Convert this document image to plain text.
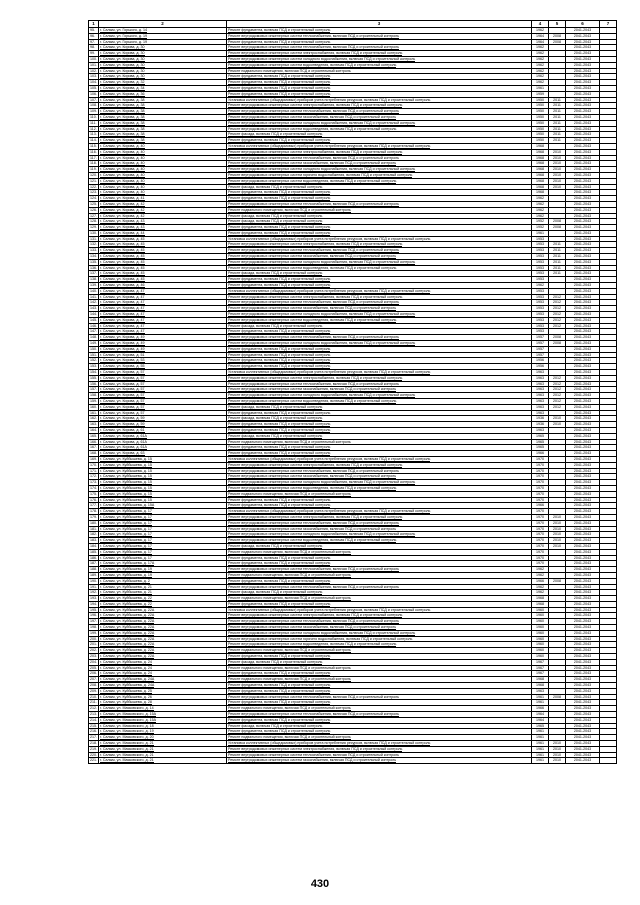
1	2	3	4	5	6	7
95.	г. Салым, ул. Горького, д. 14	Ремонт фундамента, включая ПСД и строительный контроль	1962		2041-2043	
96.	г. Салым, ул. Горького, д. 19	Ремонт внутридомовых инженерных систем теплоснабжения, включая ПСД и строительный контроль	1964	2008	2041-2043	
97.	г. Салым, ул. Горького, д. 19	Ремонт фундамента, включая ПСД и строительный контроль	1964	2008	2041-2043	
98.	г. Салым, ул. Кирова, д. 30	Ремонт внутридомовых инженерных систем теплоснабжения, включая ПСД и строительный контроль	1962		2041-2043	
99.	г. Салым, ул. Кирова, д. 30	Ремонт внутридомовых инженерных систем электроснабжения, включая ПСД и строительный контроль	1962		2041-2043	
100.	г. Салым, ул. Кирова, д. 30	Ремонт внутридомовых инженерных систем холодного водоснабжения, включая ПСД и строительный контроль	1962		2041-2043	
101.	г. Салым, ул. Кирова, д. 30	Ремонт внутридомовых инженерных систем водоотведения, включая ПСД и строительный контроль	1962		2041-2043	
102.	г. Салым, ул. Кирова, д. 30	Ремонт подвального помещения, включая ПСД и строительный контроль	1962		2041-2043	
103.	г. Салым, ул. Кирова, д. 30	Ремонт фундамента, включая ПСД и строительный контроль	1962		2041-2043	
104.	г. Салым, ул. Кирова, д. 32	Ремонт фундамента, включая ПСД и строительный контроль	1962		2041-2043	
105.	г. Салым, ул. Кирова, д. 34	Ремонт фундамента, включая ПСД и строительный контроль	1961		2041-2043	
106.	г. Салым, ул. Кирова, д. 36	Ремонт фундамента, включая ПСД и строительный контроль	1959		2041-2043	
107.	г. Салым, ул. Кирова, д. 38	Установка коллективных (общедомовых) приборов учета потребления ресурсов, включая ПСД и строительный контроль	1950	2011	2041-2043	
108.	г. Салым, ул. Кирова, д. 38	Ремонт внутридомовых инженерных систем электроснабжения, включая ПСД и строительный контроль	1950	2011	2041-2043	
109.	г. Салым, ул. Кирова, д. 38	Ремонт внутридомовых инженерных систем теплоснабжения, включая ПСД и строительный контроль	1950	2011	2041-2043	
110.	г. Салым, ул. Кирова, д. 38	Ремонт внутридомовых инженерных систем газоснабжения, включая ПСД и строительный контроль	1950	2011	2041-2043	
111.	г. Салым, ул. Кирова, д. 38	Ремонт внутридомовых инженерных систем холодного водоснабжения, включая ПСД и строительный контроль	1950	2011	2041-2043	
112.	г. Салым, ул. Кирова, д. 38	Ремонт внутридомовых инженерных систем водоотведения, включая ПСД и строительный контроль	1950	2011	2041-2043	
113.	г. Салым, ул. Кирова, д. 38	Ремонт фасада, включая ПСД и строительный контроль	1950	2011	2041-2043	
114.	г. Салым, ул. Кирова, д. 38	Ремонт фундамента, включая ПСД и строительный контроль	1950	2011	2041-2043	
115.	г. Салым, ул. Кирова, д. 40	Установка коллективных (общедомовых) приборов учета потребления ресурсов, включая ПСД и строительный контроль	1968		2041-2043	
116.	г. Салым, ул. Кирова, д. 40	Ремонт внутридомовых инженерных систем электроснабжения, включая ПСД и строительный контроль	1968	2010	2041-2043	
117.	г. Салым, ул. Кирова, д. 40	Ремонт внутридомовых инженерных систем теплоснабжения, включая ПСД и строительный контроль	1968	2010	2041-2043	
118.	г. Салым, ул. Кирова, д. 40	Ремонт внутридомовых инженерных систем газоснабжения, включая ПСД и строительный контроль	1968	2010	2041-2043	
119.	г. Салым, ул. Кирова, д. 40	Ремонт внутридомовых инженерных систем холодного водоснабжения, включая ПСД и строительный контроль	1968	2010	2041-2043	
120.	г. Салым, ул. Кирова, д. 40	Ремонт внутридомовых инженерных систем горячего водоснабжения, включая ПСД и строительный контроль	1968	2010	2041-2043	
121.	г. Салым, ул. Кирова, д. 40	Ремонт внутридомовых инженерных систем водоотведения, включая ПСД и строительный контроль	1968	2010	2041-2043	
122.	г. Салым, ул. Кирова, д. 40	Ремонт фасада, включая ПСД и строительный контроль	1968	2010	2041-2043	
123.	г. Салым, ул. Кирова, д. 40	Ремонт фундамента, включая ПСД и строительный контроль	1968		2041-2043	
124.	г. Салым, ул. Кирова, д. 41	Ремонт фундамента, включая ПСД и строительный контроль	1962		2041-2043	
125.	г. Салым, ул. Кирова, д. 42	Ремонт внутридомовых инженерных систем теплоснабжения, включая ПСД и строительный контроль	1962		2041-2043	
126.	г. Салым, ул. Кирова, д. 42	Ремонт подвального помещения, включая ПСД и строительный контроль	1962		2041-2043	
127.	г. Салым, ул. Кирова, д. 42	Ремонт фасада, включая ПСД и строительный контроль	1962		2041-2043	
128.	г. Салым, ул. Кирова, д. 43	Ремонт фасада, включая ПСД и строительный контроль	1952	2008	2041-2043	
129.	г. Салым, ул. Кирова, д. 43	Ремонт фундамента, включая ПСД и строительный контроль	1952	2008	2041-2043	
130.	г. Салым, ул. Кирова, д. 44	Ремонт фундамента, включая ПСД и строительный контроль	1961		2041-2043	
131.	г. Салым, ул. Кирова, д. 45	Установка коллективных (общедомовых) приборов учета потребления ресурсов, включая ПСД и строительный контроль	1953		2041-2043	
132.	г. Салым, ул. Кирова, д. 45	Ремонт внутридомовых инженерных систем электроснабжения, включая ПСД и строительный контроль	1953	2011	2041-2043	
133.	г. Салым, ул. Кирова, д. 45	Ремонт внутридомовых инженерных систем теплоснабжения, включая ПСД и строительный контроль	1953	2011	2041-2043	
134.	г. Салым, ул. Кирова, д. 45	Ремонт внутридомовых инженерных систем газоснабжения, включая ПСД и строительный контроль	1953	2011	2041-2043	
135.	г. Салым, ул. Кирова, д. 45	Ремонт внутридомовых инженерных систем холодного водоснабжения, включая ПСД и строительный контроль	1953	2011	2041-2043	
136.	г. Салым, ул. Кирова, д. 45	Ремонт внутридомовых инженерных систем водоотведения, включая ПСД и строительный контроль	1953	2011	2041-2043	
137.	г. Салым, ул. Кирова, д. 45	Ремонт фасада, включая ПСД и строительный контроль	1953	2011	2041-2043	
138.	г. Салым, ул. Кирова, д. 45	Ремонт фундамента, включая ПСД и строительный контроль	1953		2041-2043	
139.	г. Салым, ул. Кирова, д. 46	Ремонт фундамента, включая ПСД и строительный контроль	1962		2041-2043	
140.	г. Салым, ул. Кирова, д. 47	Установка коллективных (общедомовых) приборов учета потребления ресурсов, включая ПСД и строительный контроль	1953		2041-2043	
141.	г. Салым, ул. Кирова, д. 47	Ремонт внутридомовых инженерных систем электроснабжения, включая ПСД и строительный контроль	1953	2012	2041-2043	
142.	г. Салым, ул. Кирова, д. 47	Ремонт внутридомовых инженерных систем теплоснабжения, включая ПСД и строительный контроль	1953	2012	2041-2043	
143.	г. Салым, ул. Кирова, д. 47	Ремонт внутридомовых инженерных систем газоснабжения, включая ПСД и строительный контроль	1953	2012	2041-2043	
144.	г. Салым, ул. Кирова, д. 47	Ремонт внутридомовых инженерных систем холодного водоснабжения, включая ПСД и строительный контроль	1953	2012	2041-2043	
145.	г. Салым, ул. Кирова, д. 47	Ремонт внутридомовых инженерных систем водоотведения, включая ПСД и строительный контроль	1953	2012	2041-2043	
146.	г. Салым, ул. Кирова, д. 47	Ремонт фасада, включая ПСД и строительный контроль	1953	2012	2041-2043	
147.	г. Салым, ул. Кирова, д. 47	Ремонт фундамента, включая ПСД и строительный контроль	1953		2041-2043	
148.	г. Салым, ул. Кирова, д. 49	Ремонт внутридомовых инженерных систем теплоснабжения, включая ПСД и строительный контроль	1957	2008	2041-2043	
149.	г. Салым, ул. Кирова, д. 49	Ремонт внутридомовых инженерных систем холодного водоснабжения, включая ПСД и строительный контроль	1957	2008	2041-2043	
150.	г. Салым, ул. Кирова, д. 49	Ремонт фундамента, включая ПСД и строительный контроль	1957		2041-2043	
151.	г. Салым, ул. Кирова, д. 51	Ремонт фундамента, включая ПСД и строительный контроль	1957		2041-2043	
152.	г. Салым, ул. Кирова, д. 53	Ремонт фундамента, включая ПСД и строительный контроль	1956		2041-2043	
153.	г. Салым, ул. Кирова, д. 55	Ремонт фундамента, включая ПСД и строительный контроль	1956		2041-2043	
154.	г. Салым, ул. Кирова, д. 57	Установка коллективных (общедомовых) приборов учета потребления ресурсов, включая ПСД и строительный контроль	1963		2041-2043	
155.	г. Салым, ул. Кирова, д. 57	Ремонт внутридомовых инженерных систем электроснабжения, включая ПСД и строительный контроль	1963	2012	2041-2043	
156.	г. Салым, ул. Кирова, д. 57	Ремонт внутридомовых инженерных систем теплоснабжения, включая ПСД и строительный контроль	1963	2012	2041-2043	
157.	г. Салым, ул. Кирова, д. 57	Ремонт внутридомовых инженерных систем газоснабжения, включая ПСД и строительный контроль	1963	2012	2041-2043	
158.	г. Салым, ул. Кирова, д. 57	Ремонт внутридомовых инженерных систем холодного водоснабжения, включая ПСД и строительный контроль	1963	2012	2041-2043	
159.	г. Салым, ул. Кирова, д. 57	Ремонт внутридомовых инженерных систем водоотведения, включая ПСД и строительный контроль	1963	2012	2041-2043	
160.	г. Салым, ул. Кирова, д. 57	Ремонт фасада, включая ПСД и строительный контроль	1963	2012	2041-2043	
161.	г. Салым, ул. Кирова, д. 57	Ремонт фундамента, включая ПСД и строительный контроль	1963		2041-2043	
162.	г. Салым, ул. Кирова, д. 59	Ремонт фасада, включая ПСД и строительный контроль	1936	2010	2041-2043	
163.	г. Салым, ул. Кирова, д. 59	Ремонт фундамента, включая ПСД и строительный контроль	1936	2010	2041-2043	
164.	г. Салым, ул. Кирова, д. 61	Ремонт фундамента, включая ПСД и строительный контроль	1963		2041-2043	
165.	г. Салым, ул. Кирова, д. 61А	Ремонт фасада, включая ПСД и строительный контроль	1965		2041-2043	
166.	г. Салым, ул. Кирова, д. 61А	Ремонт подвального помещения, включая ПСД и строительный контроль	1965		2041-2043	
167.	г. Салым, ул. Кирова, д. 61А	Ремонт фундамента, включая ПСД и строительный контроль	1965		2041-2043	
168.	г. Салым, ул. Кирова, д. 63	Ремонт фундамента, включая ПСД и строительный контроль	1966		2041-2043	
169.	г. Салым, ул. Куйбышева, д. 15	Установка коллективных (общедомовых) приборов учета потребления ресурсов, включая ПСД и строительный контроль	1970		2041-2043	
170.	г. Салым, ул. Куйбышева, д. 15	Ремонт внутридомовых инженерных систем электроснабжения, включая ПСД и строительный контроль	1970		2041-2043	
171.	г. Салым, ул. Куйбышева, д. 15	Ремонт внутридомовых инженерных систем теплоснабжения, включая ПСД и строительный контроль	1970		2041-2043	
172.	г. Салым, ул. Куйбышева, д. 15	Ремонт внутридомовых инженерных систем газоснабжения, включая ПСД и строительный контроль	1970		2041-2043	
173.	г. Салым, ул. Куйбышева, д. 15	Ремонт внутридомовых инженерных систем холодного водоснабжения, включая ПСД и строительный контроль	1970		2041-2043	
174.	г. Салым, ул. Куйбышева, д. 15	Ремонт внутридомовых инженерных систем водоотведения, включая ПСД и строительный контроль	1970		2041-2043	
175.	г. Салым, ул. Куйбышева, д. 15	Ремонт подвального помещения, включая ПСД и строительный контроль	1970		2041-2043	
176.	г. Салым, ул. Куйбышева, д. 15	Ремонт фундамента, включая ПСД и строительный контроль	1970		2041-2043	
177.	г. Салым, ул. Куйбышева, д. 15А	Ремонт фундамента, включая ПСД и строительный контроль	1966		2041-2043	
178.	г. Салым, ул. Куйбышева, д. 17	Установка коллективных (общедомовых) приборов учета потребления ресурсов, включая ПСД и строительный контроль	1970		2041-2043	
179.	г. Салым, ул. Куйбышева, д. 17	Ремонт внутридомовых инженерных систем электроснабжения, включая ПСД и строительный контроль	1970	2010	2041-2043	
180.	г. Салым, ул. Куйбышева, д. 17	Ремонт внутридомовых инженерных систем теплоснабжения, включая ПСД и строительный контроль	1970	2010	2041-2043	
181.	г. Салым, ул. Куйбышева, д. 17	Ремонт внутридомовых инженерных систем газоснабжения, включая ПСД и строительный контроль	1970	2010	2041-2043	
182.	г. Салым, ул. Куйбышева, д. 17	Ремонт внутридомовых инженерных систем холодного водоснабжения, включая ПСД и строительный контроль	1970	2010	2041-2043	
183.	г. Салым, ул. Куйбышева, д. 17	Ремонт внутридомовых инженерных систем водоотведения, включая ПСД и строительный контроль	1970	2010	2041-2043	
184.	г. Салым, ул. Куйбышева, д. 17	Ремонт фасада, включая ПСД и строительный контроль	1970	2010	2041-2043	
185.	г. Салым, ул. Куйбышева, д. 17	Ремонт подвального помещения, включая ПСД и строительный контроль	1970		2041-2043	
186.	г. Салым, ул. Куйбышева, д. 17	Ремонт фундамента, включая ПСД и строительный контроль	1970		2041-2043	
187.	г. Салым, ул. Куйбышева, д. 17А	Ремонт фундамента, включая ПСД и строительный контроль	1970		2041-2043	
188.	г. Салым, ул. Куйбышева, д. 19	Ремонт внутридомовых инженерных систем теплоснабжения, включая ПСД и строительный контроль	1962		2041-2043	
189.	г. Салым, ул. Куйбышева, д. 19	Ремонт подвального помещения, включая ПСД и строительный контроль	1962		2041-2043	
190.	г. Салым, ул. Куйбышева, д. 2	Ремонт фундамента, включая ПСД и строительный контроль	1966	2008	2041-2043	
191.	г. Салым, ул. Куйбышева, д. 21	Ремонт внутридомовых инженерных систем теплоснабжения, включая ПСД и строительный контроль	1962		2041-2043	
192.	г. Салым, ул. Куйбышева, д. 21	Ремонт фасада, включая ПСД и строительный контроль	1962		2041-2043	
193.	г. Салым, ул. Куйбышева, д. 22	Ремонт подвального помещения, включая ПСД и строительный контроль	1968		2041-2043	
194.	г. Салым, ул. Куйбышева, д. 22	Ремонт фундамента, включая ПСД и строительный контроль	1968		2041-2043	
195.	г. Салым, ул. Куйбышева, д. 22А	Установка коллективных (общедомовых) приборов учета потребления ресурсов, включая ПСД и строительный контроль	1960		2041-2043	
196.	г. Салым, ул. Куйбышева, д. 22А	Ремонт внутридомовых инженерных систем электроснабжения, включая ПСД и строительный контроль	1960		2041-2043	
197.	г. Салым, ул. Куйбышева, д. 22А	Ремонт внутридомовых инженерных систем теплоснабжения, включая ПСД и строительный контроль	1960		2041-2043	
198.	г. Салым, ул. Куйбышева, д. 22А	Ремонт внутридомовых инженерных систем газоснабжения, включая ПСД и строительный контроль	1960		2041-2043	
199.	г. Салым, ул. Куйбышева, д. 22А	Ремонт внутридомовых инженерных систем холодного водоснабжения, включая ПСД и строительный контроль	1960		2041-2043	
200.	г. Салым, ул. Куйбышева, д. 22А	Ремонт внутридомовых инженерных систем горячего водоснабжения, включая ПСД и строительный контроль	1960		2041-2043	
201.	г. Салым, ул. Куйбышева, д. 22А	Ремонт внутридомовых инженерных систем водоотведения, включая ПСД и строительный контроль	1960		2041-2043	
202.	г. Салым, ул. Куйбышева, д. 22А	Ремонт подвального помещения, включая ПСД и строительный контроль	1960		2041-2043	
203.	г. Салым, ул. Куйбышева, д. 22А	Ремонт фундамента, включая ПСД и строительный контроль	1960		2041-2043	
204.	г. Салым, ул. Куйбышева, д. 24	Ремонт фасада, включая ПСД и строительный контроль	1967		2041-2043	
205.	г. Салым, ул. Куйбышева, д. 24	Ремонт подвального помещения, включая ПСД и строительный контроль	1967		2041-2043	
206.	г. Салым, ул. Куйбышева, д. 24	Ремонт фундамента, включая ПСД и строительный контроль	1967		2041-2043	
207.	г. Салым, ул. Куйбышева, д. 24А	Ремонт подвального помещения, включая ПСД и строительный контроль	1968		2041-2043	
208.	г. Салым, ул. Куйбышева, д. 24А	Ремонт фундамента, включая ПСД и строительный контроль	1968		2041-2043	
209.	г. Салым, ул. Куйбышева, д. 25	Ремонт фундамента, включая ПСД и строительный контроль	1963		2041-2043	
210.	г. Салым, ул. Куйбышева, д. 26	Ремонт внутридомовых инженерных систем теплоснабжения, включая ПСД и строительный контроль	1961	2008	2041-2043	
211.	г. Салым, ул. Куйбышева, д. 28	Ремонт фундамента, включая ПСД и строительный контроль	1961		2041-2043	
212.	г. Салым, ул. Маяковского, д. 14	Ремонт подвального помещения, включая ПСД и строительный контроль	1966		2041-2043	
213.	г. Салым, ул. Маяковского, д. 15А	Ремонт внутридомовых инженерных систем теплоснабжения, включая ПСД и строительный контроль	1964		2041-2043	
214.	г. Салым, ул. Маяковского, д. 15А	Ремонт фундамента, включая ПСД и строительный контроль	1964		2041-2043	
215.	г. Салым, ул. Маяковского, д. 18	Ремонт фасада, включая ПСД и строительный контроль	1965		2041-2043	
216.	г. Салым, ул. Маяковского, д. 19	Ремонт фундамента, включая ПСД и строительный контроль	1961		2041-2043	
217.	г. Салым, ул. Маяковского, д. 20	Ремонт подвального помещения, включая ПСД и строительный контроль	1961		2041-2043	
218.	г. Салым, ул. Маяковского, д. 21	Установка коллективных (общедомовых) приборов учета потребления ресурсов, включая ПСД и строительный контроль	1961	2010	2041-2043	
219.	г. Салым, ул. Маяковского, д. 21	Ремонт внутридомовых инженерных систем электроснабжения, включая ПСД и строительный контроль	1961	2010	2041-2043	
220.	г. Салым, ул. Маяковского, д. 21	Ремонт внутридомовых инженерных систем теплоснабжения, включая ПСД и строительный контроль	1961	2010	2041-2043	
221.	г. Салым, ул. Маяковского, д. 21	Ремонт внутридомовых инженерных систем газоснабжения, включая ПСД и строительный контроль	1961	2010	2041-2043	
430
